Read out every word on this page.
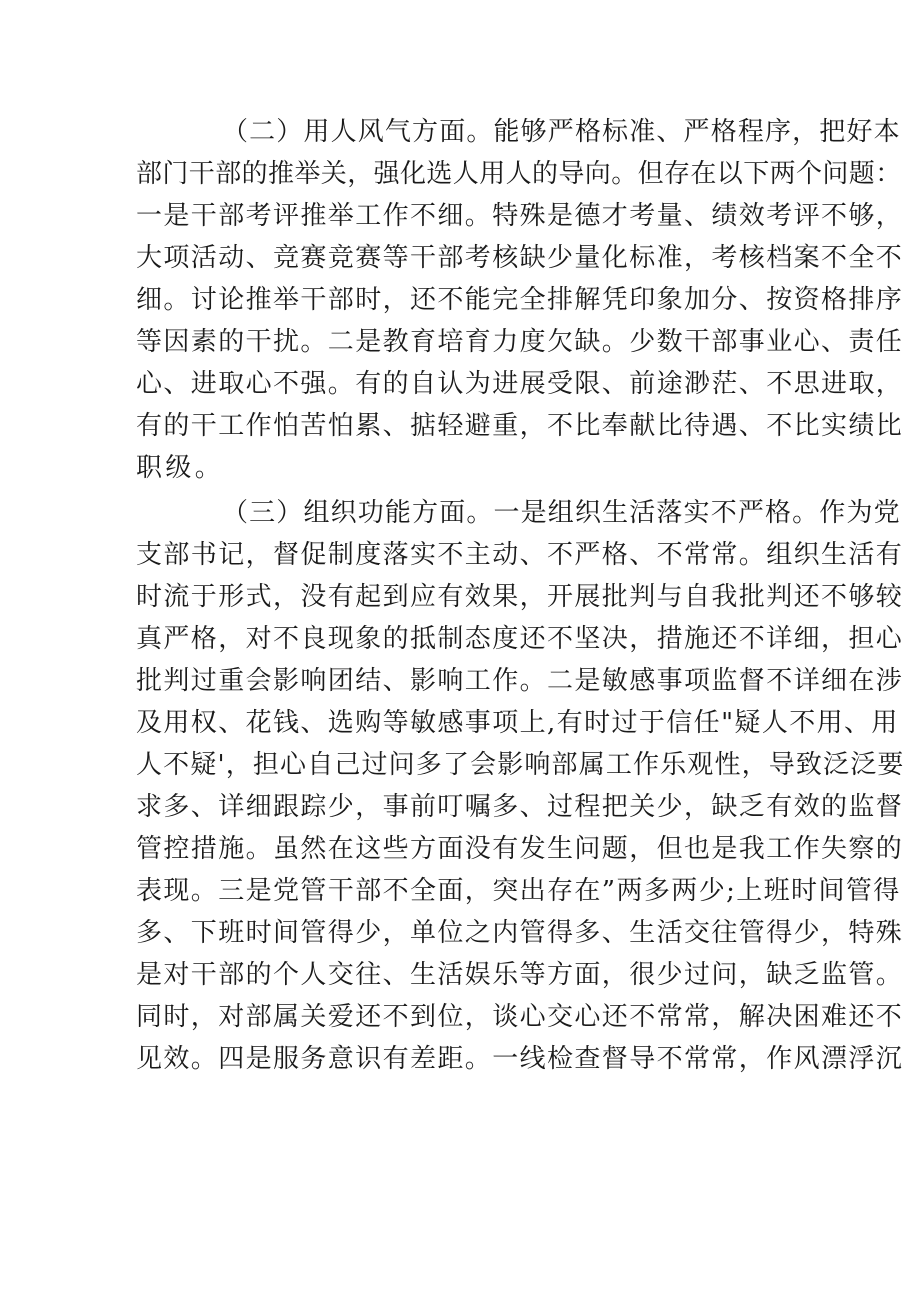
（二）用人风气方面。能够严格标准、严格程序，把好本
部门干部的推举关，强化选人用人的导向。但存在以下两个问题：
一是干部考评推举工作不细。特殊是德才考量、绩效考评不够，
大项活动、竞赛竞赛等干部考核缺少量化标准，考核档案不全不
细。讨论推举干部时，还不能完全排解凭印象加分、按资格排序
等因素的干扰。二是教育培育力度欠缺。少数干部事业心、责任
心、进取心不强。有的自认为进展受限、前途渺茫、不思进取，
有的干工作怕苦怕累、掂轻避重，不比奉献比待遇、不比实绩比
职级。
（三）组织功能方面。一是组织生活落实不严格。作为党
支部书记，督促制度落实不主动、不严格、不常常。组织生活有
时流于形式，没有起到应有效果，开展批判与自我批判还不够较
真严格，对不良现象的抵制态度还不坚决，措施还不详细，担心
批判过重会影响团结、影响工作。二是敏感事项监督不详细在涉
及用权、花钱、选购等敏感事项上,有时过于信任"疑人不用、用
人不疑'，担心自己过问多了会影响部属工作乐观性，导致泛泛要
求多、详细跟踪少，事前叮嘱多、过程把关少，缺乏有效的监督
管控措施。虽然在这些方面没有发生问题，但也是我工作失察的
表现。三是党管干部不全面，突出存在”两多两少;上班时间管得
多、下班时间管得少，单位之内管得多、生活交往管得少，特殊
是对干部的个人交往、生活娱乐等方面，很少过问，缺乏监管。
同时，对部属关爱还不到位，谈心交心还不常常，解决困难还不
见效。四是服务意识有差距。一线检查督导不常常，作风漂浮沉
